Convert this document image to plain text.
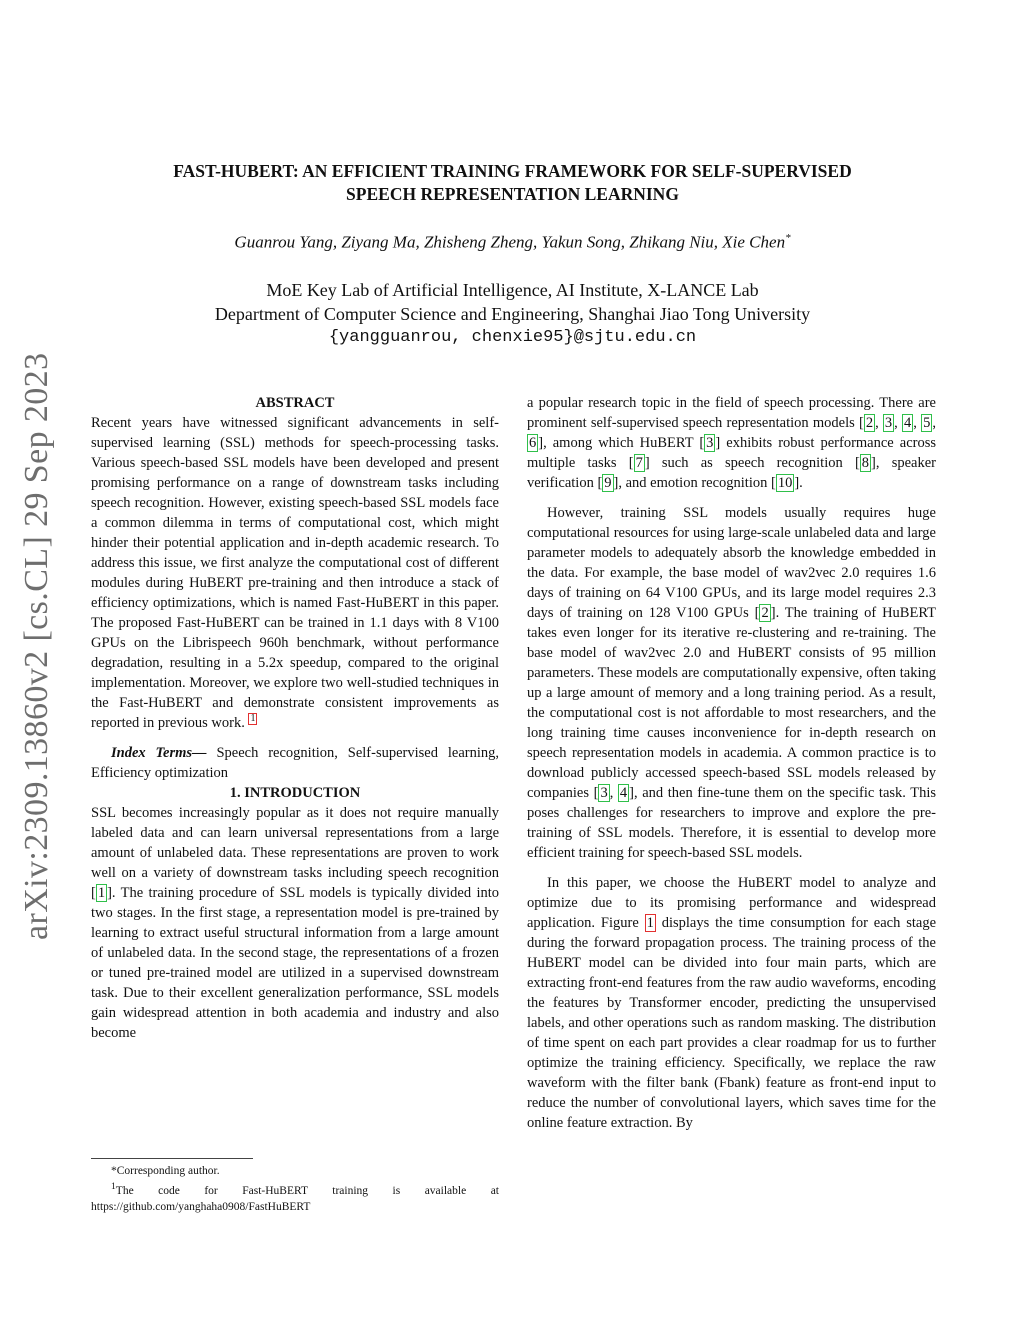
arXiv:2309.13860v2 [cs.CL] 29 Sep 2023
FAST-HUBERT: AN EFFICIENT TRAINING FRAMEWORK FOR SELF-SUPERVISED
SPEECH REPRESENTATION LEARNING
Guanrou Yang, Ziyang Ma, Zhisheng Zheng, Yakun Song, Zhikang Niu, Xie Chen*
MoE Key Lab of Artificial Intelligence, AI Institute, X-LANCE Lab
Department of Computer Science and Engineering, Shanghai Jiao Tong University
{yangguanrou, chenxie95}@sjtu.edu.cn

ABSTRACT

Recent years have witnessed significant advancements in self-supervised learning (SSL) methods for speech-processing tasks. Various speech-based SSL models have been developed and present promising performance on a range of downstream tasks including speech recognition. However, existing speech-based SSL models face a common dilemma in terms of computational cost, which might hinder their potential application and in-depth academic research. To address this issue, we first analyze the computational cost of different modules during HuBERT pre-training and then introduce a stack of efficiency optimizations, which is named Fast-HuBERT in this paper. The proposed Fast-HuBERT can be trained in 1.1 days with 8 V100 GPUs on the Librispeech 960h benchmark, without performance degradation, resulting in a 5.2x speedup, compared to the original implementation. Moreover, we explore two well-studied techniques in the Fast-HuBERT and demonstrate consistent improvements as reported in previous work. 1

Index Terms— Speech recognition, Self-supervised learning, Efficiency optimization

1. INTRODUCTION

SSL becomes increasingly popular as it does not require manually labeled data and can learn universal representations from a large amount of unlabeled data. These representations are proven to work well on a variety of downstream tasks including speech recognition [ 1 ]. The training procedure of SSL models is typically divided into two stages. In the first stage, a representation model is pre-trained by learning to extract useful structural information from a large amount of unlabeled data. In the second stage, the representations of a frozen or tuned pre-trained model are utilized in a supervised downstream task. Due to their excellent generalization performance, SSL models gain widespread attention in both academia and industry and also become

*Corresponding author.

$^1$The code for Fast-HuBERT training is available at

https://github.com/yanghaha0908/FastHuBERT

a popular research topic in the field of speech processing. There are prominent self-supervised speech representation models [ 2 , 3 , 4 , 5 , 6 ], among which HuBERT [ 3 ] exhibits robust performance across multiple tasks [ 7 ] such as speech recognition [ 8 ], speaker verification [ 9 ], and emotion recognition [ 10 ].

However, training SSL models usually requires huge computational resources for using large-scale unlabeled data and large parameter models to adequately absorb the knowledge embedded in the data. For example, the base model of wav2vec 2.0 requires 1.6 days of training on 64 V100 GPUs, and its large model requires 2.3 days of training on 128 V100 GPUs [ 2 ]. The training of HuBERT takes even longer for its iterative re-clustering and re-training. The base model of wav2vec 2.0 and HuBERT consists of 95 million parameters. These models are computationally expensive, often taking up a large amount of memory and a long training period. As a result, the computational cost is not affordable to most researchers, and the long training time causes inconvenience for in-depth research on speech representation models in academia. A common practice is to download publicly accessed speech-based SSL models released by companies [ 3 , 4 ], and then fine-tune them on the specific task. This poses challenges for researchers to improve and explore the pre-training of SSL models. Therefore, it is essential to develop more efficient training for speech-based SSL models.

In this paper, we choose the HuBERT model to analyze and optimize due to its promising performance and widespread application. Figure 1 displays the time consumption for each stage during the forward propagation process. The training process of the HuBERT model can be divided into four main parts, which are extracting front-end features from the raw audio waveforms, encoding the features by Transformer encoder, predicting the unsupervised labels, and other operations such as random masking. The distribution of time spent on each part provides a clear roadmap for us to further optimize the training efficiency. Specifically, we replace the raw waveform with the filter bank (Fbank) feature as front-end input to reduce the number of convolutional layers, which saves time for the online feature extraction. By
